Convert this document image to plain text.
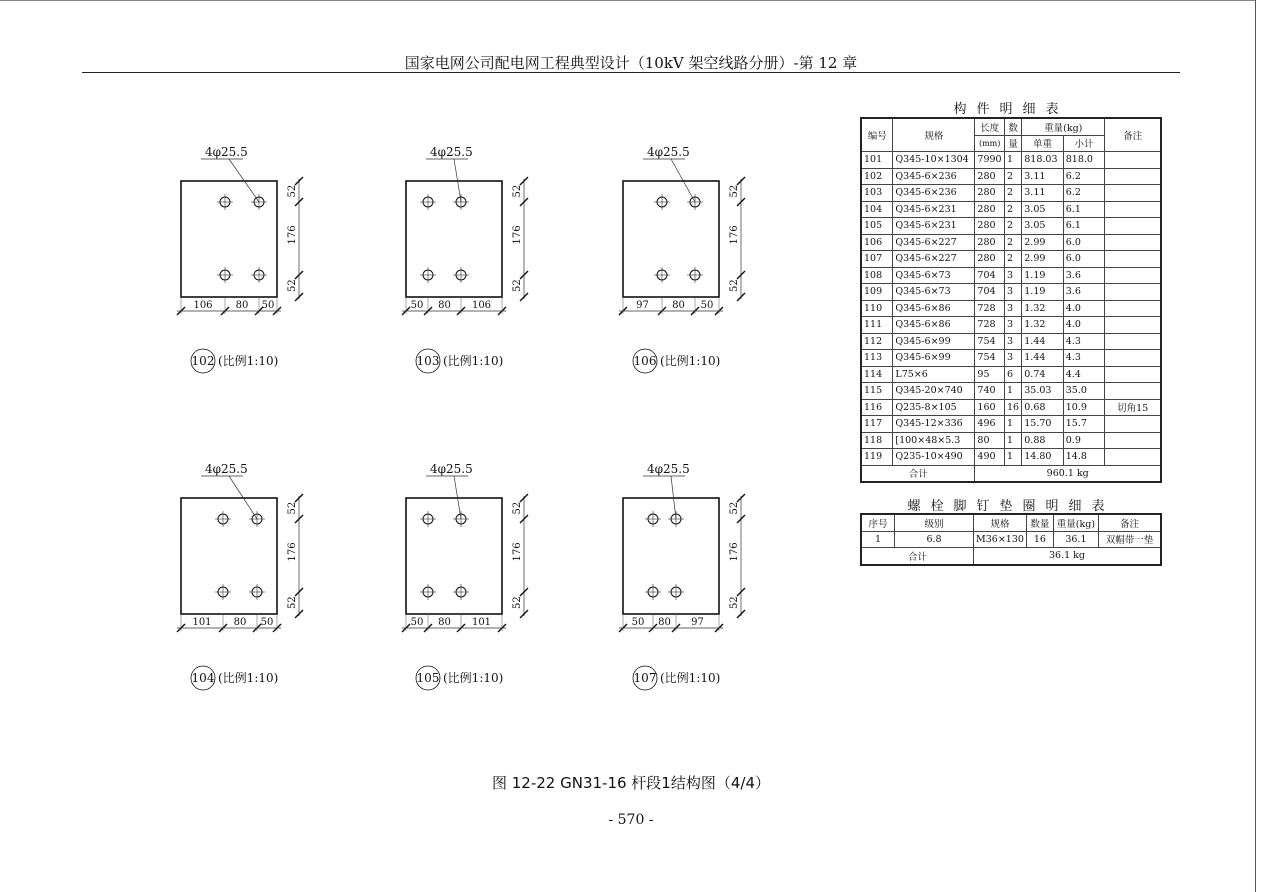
国家电网公司配电网工程典型设计（10kV 架空线路分册）-第 12 章
4φ25.5
52
176
52
106 80 50
102 (比例1:10)
4φ25.5
52
176
52
50 80 106
103 (比例1:10)
4φ25.5
52
176
52
97 80 50
106 (比例1:10)
4φ25.5
52
176
52
101 80 50
104 (比例1:10)
4φ25.5
52
176
52
50 80 101
105 (比例1:10)
4φ25.5
52
176
52
50 80 97
107 (比例1:10)
构件明细表
编号	规格	长度	数	重量(kg)		备注
		(mm)	量	单重	小计	
101	Q345-10×1304	7990	1	818.03	818.0	
102	Q345-6×236	280	2	3.11	6.2	
103	Q345-6×236	280	2	3.11	6.2	
104	Q345-6×231	280	2	3.05	6.1	
105	Q345-6×231	280	2	3.05	6.1	
106	Q345-6×227	280	2	2.99	6.0	
107	Q345-6×227	280	2	2.99	6.0	
108	Q345-6×73	704	3	1.19	3.6	
109	Q345-6×73	704	3	1.19	3.6	
110	Q345-6×86	728	3	1.32	4.0	
111	Q345-6×86	728	3	1.32	4.0	
112	Q345-6×99	754	3	1.44	4.3	
113	Q345-6×99	754	3	1.44	4.3	
114	L75×6	95	6	0.74	4.4	
115	Q345-20×740	740	1	35.03	35.0	
116	Q235-8×105	160	16	0.68	10.9	切角15
117	Q345-12×336	496	1	15.70	15.7	
118	[100×48×5.3	80	1	0.88	0.9	
119	Q235-10×490	490	1	14.80	14.8	
合计		960.1 kg				
螺栓脚钉垫圈明细表
序号	级别	规格	数量	重量(kg)	备注
1	6.8	M36×130	16	36.1	双帽带一垫
合计		36.1 kg			
图 12-22 GN31-16 杆段1结构图（4/4）
- 570 -
